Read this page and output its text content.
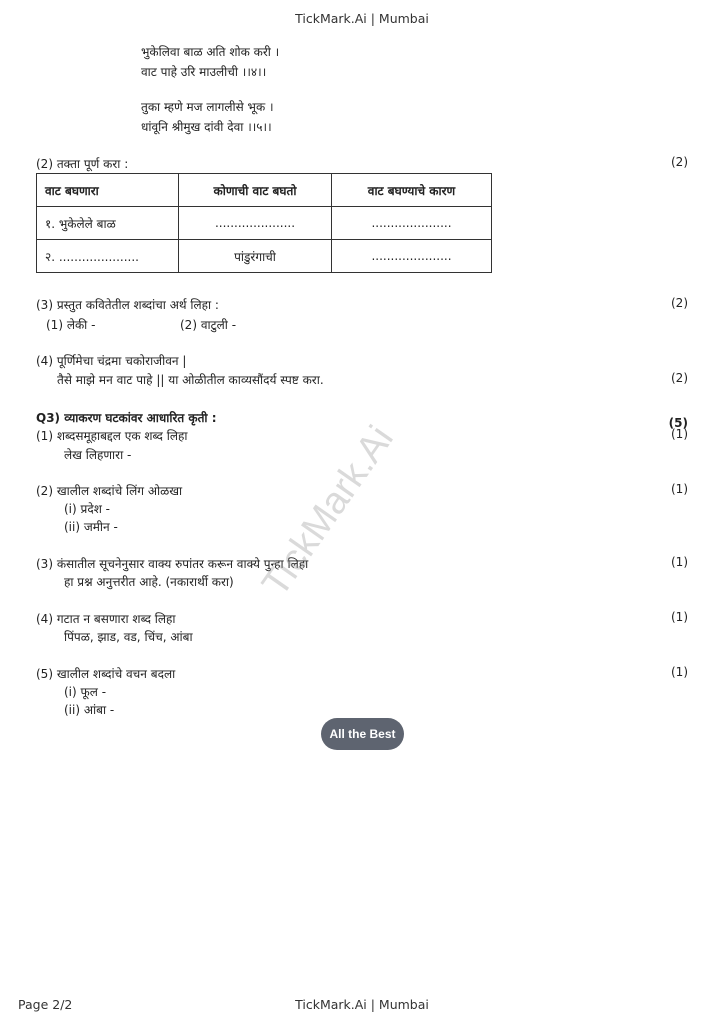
TickMark.Ai | Mumbai
भुकेलिवा बाळ अति शोक करी ।
वाट पाहे उरि माउलीची ।।४।।
तुका म्हणे मज लागलीसे भूक ।
धांवूनि श्रीमुख दांवी देवा ।।५।।
(2) तक्ता पूर्ण करा :	(2)
वाट बघणारा	कोणाची वाट बघतो	वाट बघण्याचे कारण
१. भुकेलेले बाळ	.....................	.....................
२. .....................	पांडुरंगाची	.....................
(3) प्रस्तुत कवितेतील शब्दांचा अर्थ लिहा :	(2)
(1) लेकी -	(2) वाटुली -
(4) पूर्णिमेचा चंद्रमा चकोराजीवन |
तैसे माझे मन वाट पाहे || या ओळीतील काव्यसौंदर्य स्पष्ट करा.	(2)
Q3) व्याकरण घटकांवर आधारित कृती :	(5)
(1) शब्दसमूहाबद्दल एक शब्द लिहा	(1)
लेख लिहणारा -
(2) खालील शब्दांचे लिंग ओळखा	(1)
(i) प्रदेश -
(ii) जमीन -
(3) कंसातील सूचनेनुसार वाक्य रुपांतर करून वाक्ये पुन्हा लिहा	(1)
हा प्रश्न अनुत्तरीत आहे. (नकारार्थी करा)
(4) गटात न बसणारा शब्द लिहा	(1)
पिंपळ, झाड, वड, चिंच, आंबा
(5) खालील शब्दांचे वचन बदला	(1)
(i) फूल -
(ii) आंबा -
All the Best
TickMark.Ai
TickMark.Ai | Mumbai
Page 2/2
